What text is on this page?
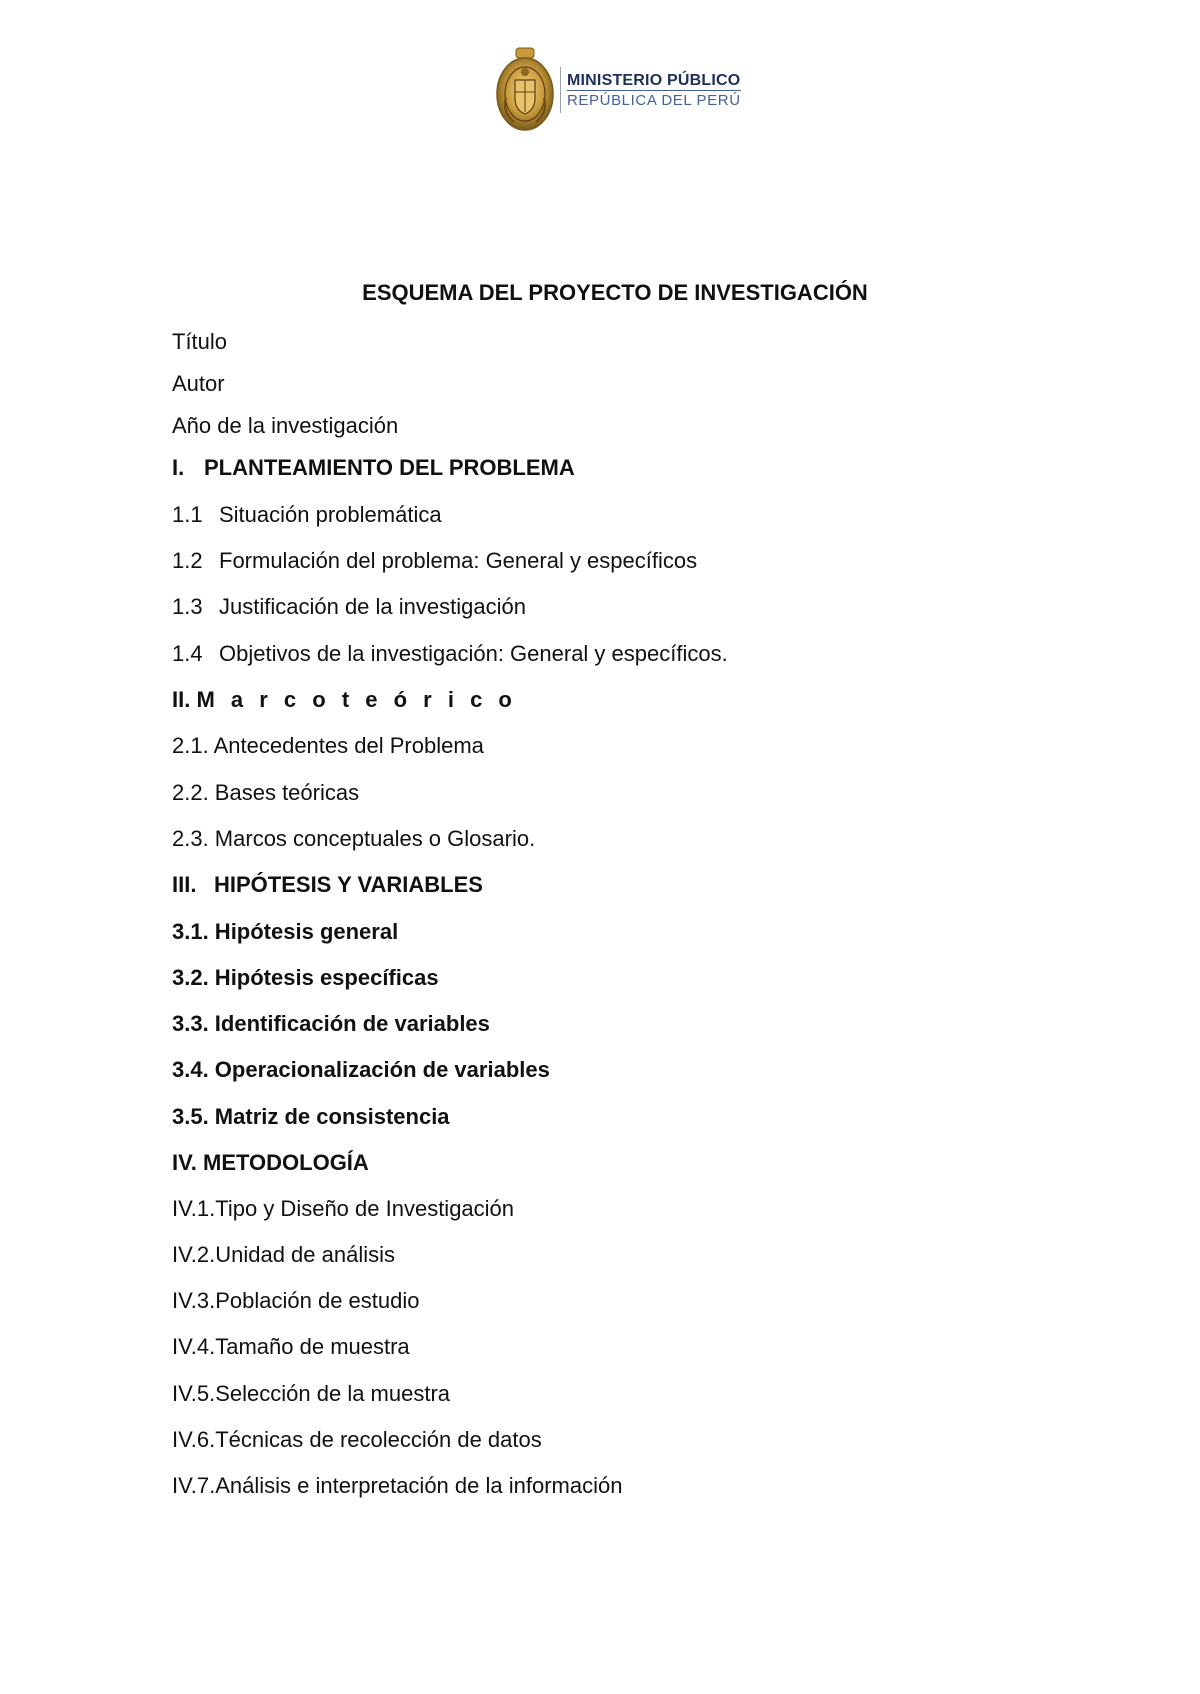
MINISTERIO PÚBLICO
REPÚBLICA DEL PERÚ
ESQUEMA DEL PROYECTO DE INVESTIGACIÓN
Título
Autor
Año de la investigación
I. PLANTEAMIENTO DEL PROBLEMA
1.1 Situación problemática
1.2 Formulación del problema: General y específicos
1.3 Justificación de la investigación
1.4 Objetivos de la investigación: General y específicos.
II. M a r c o t e ó r i c o
2.1. Antecedentes del Problema
2.2. Bases teóricas
2.3. Marcos conceptuales o Glosario.
III. HIPÓTESIS Y VARIABLES
3.1. Hipótesis general
3.2. Hipótesis específicas
3.3. Identificación de variables
3.4. Operacionalización de variables
3.5. Matriz de consistencia
IV. METODOLOGÍA
IV.1.Tipo y Diseño de Investigación
IV.2.Unidad de análisis
IV.3.Población de estudio
IV.4.Tamaño de muestra
IV.5.Selección de la muestra
IV.6.Técnicas de recolección de datos
IV.7.Análisis e interpretación de la información
